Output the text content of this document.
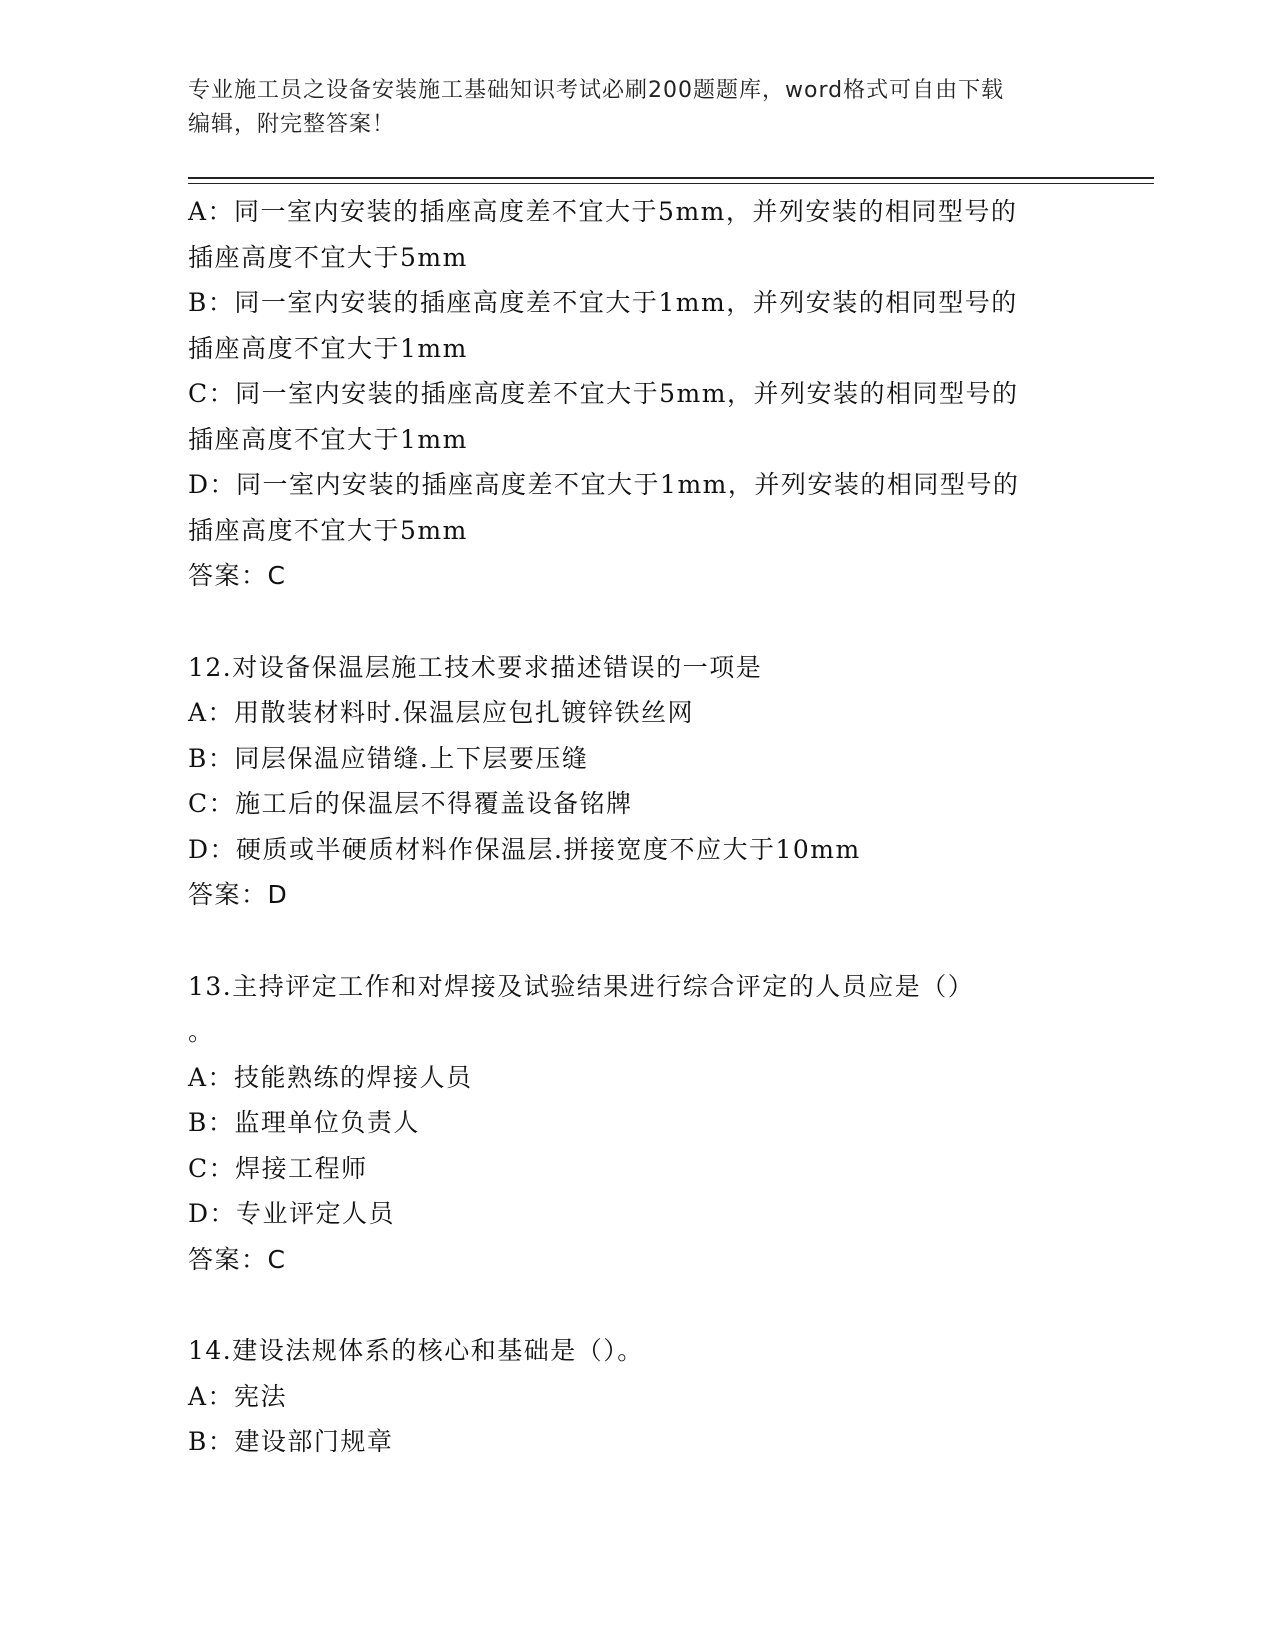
专业施工员之设备安装施工基础知识考试必刷200题题库，word格式可自由下载
编辑，附完整答案！
A：同一室内安装的插座高度差不宜大于5mm，并列安装的相同型号的
插座高度不宜大于5mm
B：同一室内安装的插座高度差不宜大于1mm，并列安装的相同型号的
插座高度不宜大于1mm
C：同一室内安装的插座高度差不宜大于5mm，并列安装的相同型号的
插座高度不宜大于1mm
D：同一室内安装的插座高度差不宜大于1mm，并列安装的相同型号的
插座高度不宜大于5mm
答案：C
12.对设备保温层施工技术要求描述错误的一项是
A：用散装材料时.保温层应包扎镀锌铁丝网
B：同层保温应错缝.上下层要压缝
C：施工后的保温层不得覆盖设备铭牌
D：硬质或半硬质材料作保温层.拼接宽度不应大于10mm
答案：D
13.主持评定工作和对焊接及试验结果进行综合评定的人员应是（）
。
A：技能熟练的焊接人员
B：监理单位负责人
C：焊接工程师
D：专业评定人员
答案：C
14.建设法规体系的核心和基础是（）。
A：宪法
B：建设部门规章
